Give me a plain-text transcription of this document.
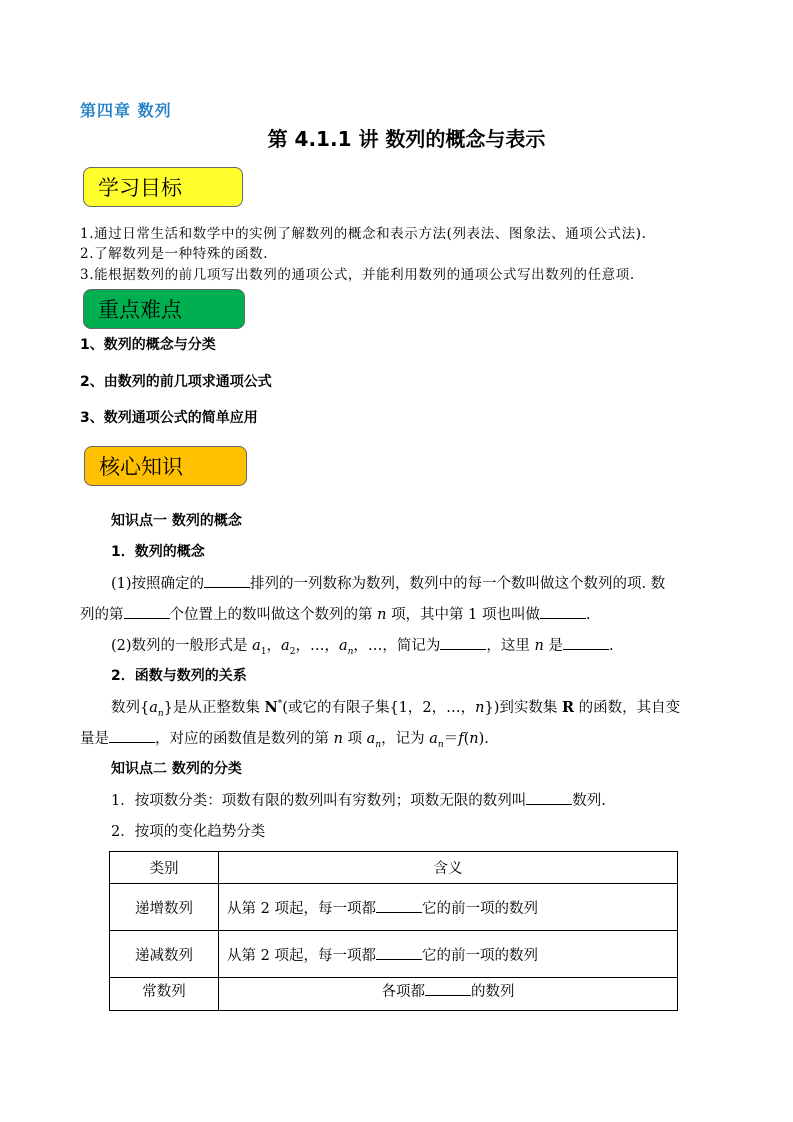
第四章 数列
第 4.1.1 讲 数列的概念与表示
学习目标
1.通过日常生活和数学中的实例了解数列的概念和表示方法(列表法、图象法、通项公式法).
2.了解数列是一种特殊的函数.
3.能根据数列的前几项写出数列的通项公式，并能利用数列的通项公式写出数列的任意项.
重点难点
1、数列的概念与分类
2、由数列的前几项求通项公式
3、数列通项公式的简单应用
核心知识
知识点一 数列的概念
1．数列的概念
(1)按照确定的	排列的一列数称为数列，数列中的每一个数叫做这个数列的项. 数
列的第	个位置上的数叫做这个数列的第 n 项，其中第 1 项也叫做	.
(2)数列的一般形式是 $a_1$，$a_2$，…，$a_n$，…，简记为	，这里 n 是	.
2．函数与数列的关系
数列$\{a_n\}$是从正整数集 N*(或它的有限子集{1，2，…，n})到实数集 R 的函数，其自变
量是	，对应的函数值是数列的第 n 项 $a_n$，记为 $a_n=f(n)$.
知识点二 数列的分类
1．按项数分类：项数有限的数列叫有穷数列；项数无限的数列叫	数列.
2．按项的变化趋势分类
类别	含义
递增数列	从第 2 项起，每一项都 它的前一项的数列
递减数列	从第 2 项起，每一项都 它的前一项的数列
常数列	各项都 的数列
